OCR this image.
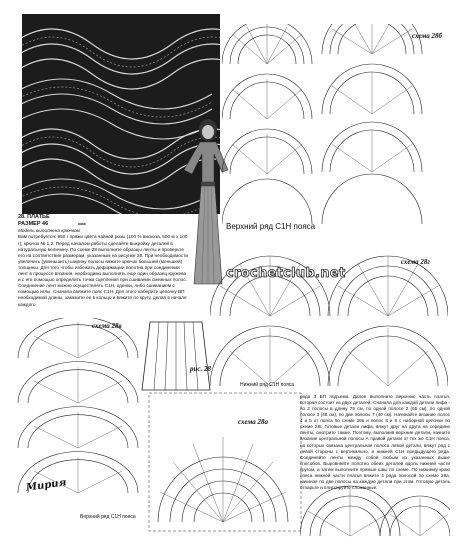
схема 28б
схема 28г
схема 28в
схема 28а
рис. 28
Верхний ряд С1Н пояса
crochetclub.net
Нижний ряд С1Н пояса
Верхний ряд С1Н пояса
****
28. ПЛАТЬЕ
РАЗМЕР 46
Модель выполнена крючком
Вам потребуется: 850 г пряжи цвета чайной розы (100 % вискоза, 500 м x 100 г); крючок № 1,2. Перед началом работы сделайте выкройку деталей в натуральную величину. По схеме 28 выполните образцы ленты и проверьте его на соответствие размерам, указанным на рисунке 28. При необходимости увеличить (уменьшить) ширину полосы вяжите крючок большей (меньшей) толщины. Для того чтобы избежать деформации полотна при соединении лент в процессе вязания, необходимо выполнять еще один образец кружева и с его помощью определить точки сцепления при сшивании смежных полос. Соединение лент можно осуществлять С1Н, оденки, либо сшиванием с помощью иглы. Сначала свяжите пояс С1Н. Для этого наберите цепочку ВП необходимой длины, замкните ее в кольцо и вяжите по кругу, делая в начале каждого
ряда 3 ВП подъема. Далее выполните верхнюю часть платья, которая состоит из двух деталей. Сначала для каждой детали лифа - по 2 полосы в длину 75 см, по одной полосе 2 (65 см), по одной полосе 3 (48 см), по две полосы 7 (40 см). Начинайте вязание полос 4 и 5 от пояса по схеме 28в и полос 8 и 9 с наборной цепочки по схеме 28г. Готовые детали лифа, вяжут друг на друга на середине ленты, смотрите также. Поэтому, выполнив верхние детали, начните вязание центральной полосы А правой детали от тех же С1Н пояса, на которых связана центральная полоса левой детали, вяжут ряд с левой стороны с вертикально, и нижней С1Н предыдущего ряда. Соединяйте ленты между собой любым из указанных выше способов. Выровняйте полотно обеих деталей вдоль нижней части кругом, а затем выполните прямые швы по схеме. По нижнему краю пояса нижней части платья вяжите 4 ряда полосой по схеме 28а, начиная по две полосы на каждую детали при этом. Готовую деталь отпарьте и плиссируйте сложенные.
Мирия
